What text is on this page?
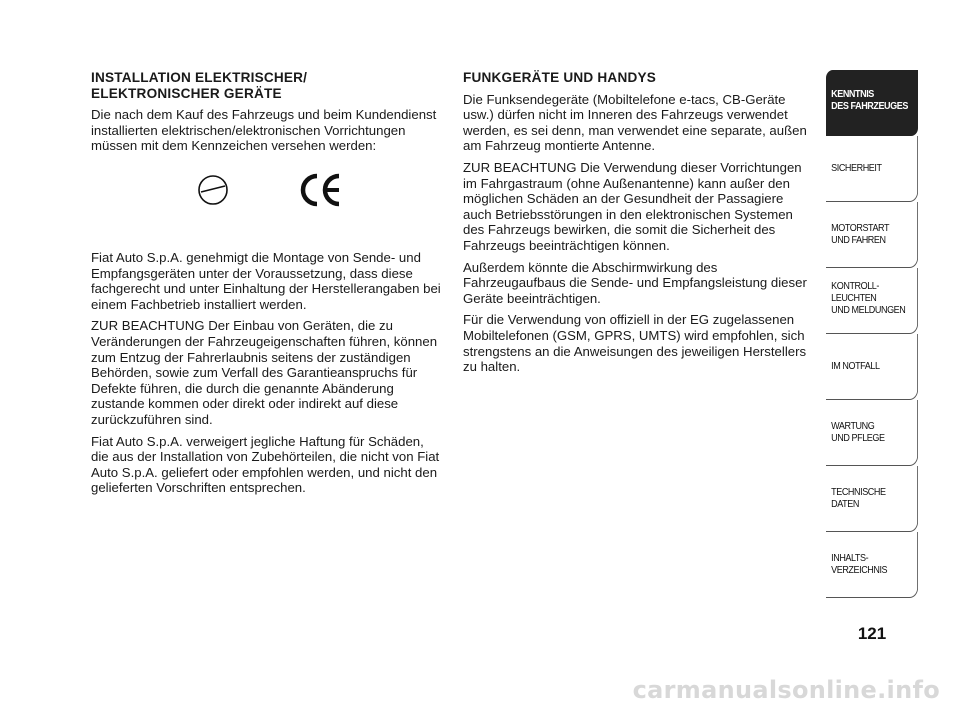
INSTALLATION ELEKTRISCHER/
ELEKTRONISCHER GERÄTE

Die nach dem Kauf des Fahrzeugs und beim Kundendienst installierten elektrischen/elektronischen Vorrichtungen müssen mit dem Kennzeichen versehen werden:

Fiat Auto S.p.A. genehmigt die Montage von Sende- und Empfangsgeräten unter der Voraussetzung, dass diese fachgerecht und unter Einhaltung der Herstellerangaben bei einem Fachbetrieb installiert werden.

ZUR BEACHTUNG Der Einbau von Geräten, die zu Veränderungen der Fahrzeugeigenschaften führen, können zum Entzug der Fahrerlaubnis seitens der zuständigen Behörden, sowie zum Verfall des Garantieanspruchs für Defekte führen, die durch die genannte Abänderung zustande kommen oder direkt oder indirekt auf diese zurückzuführen sind.

Fiat Auto S.p.A. verweigert jegliche Haftung für Schäden, die aus der Installation von Zubehörteilen, die nicht von Fiat Auto S.p.A. geliefert oder empfohlen werden, und nicht den gelieferten Vorschriften entsprechen.

FUNKGERÄTE UND HANDYS

Die Funksendegeräte (Mobiltelefone e-tacs, CB-Geräte usw.) dürfen nicht im Inneren des Fahrzeugs verwendet werden, es sei denn, man verwendet eine separate, außen am Fahrzeug montierte Antenne.

ZUR BEACHTUNG Die Verwendung dieser Vorrichtungen im Fahrgastraum (ohne Außenantenne) kann außer den möglichen Schäden an der Gesundheit der Passagiere auch Betriebsstörungen in den elektronischen Systemen des Fahrzeugs bewirken, die somit die Sicherheit des Fahrzeugs beeinträchtigen können.

Außerdem könnte die Abschirmwirkung des Fahrzeugaufbaus die Sende- und Empfangsleistung dieser Geräte beeinträchtigen.

Für die Verwendung von offiziell in der EG zugelassenen Mobiltelefonen (GSM, GPRS, UMTS) wird empfohlen, sich strengstens an die Anweisungen des jeweiligen Herstellers zu halten.

KENNTNIS
DES FAHRZEUGES
SICHERHEIT
MOTORSTART
UND FAHREN
KONTROLL-
LEUCHTEN
UND MELDUNGEN
IM NOTFALL
WARTUNG
UND PFLEGE
TECHNISCHE
DATEN
INHALTS-
VERZEICHNIS
121
carmanualsonline.info
